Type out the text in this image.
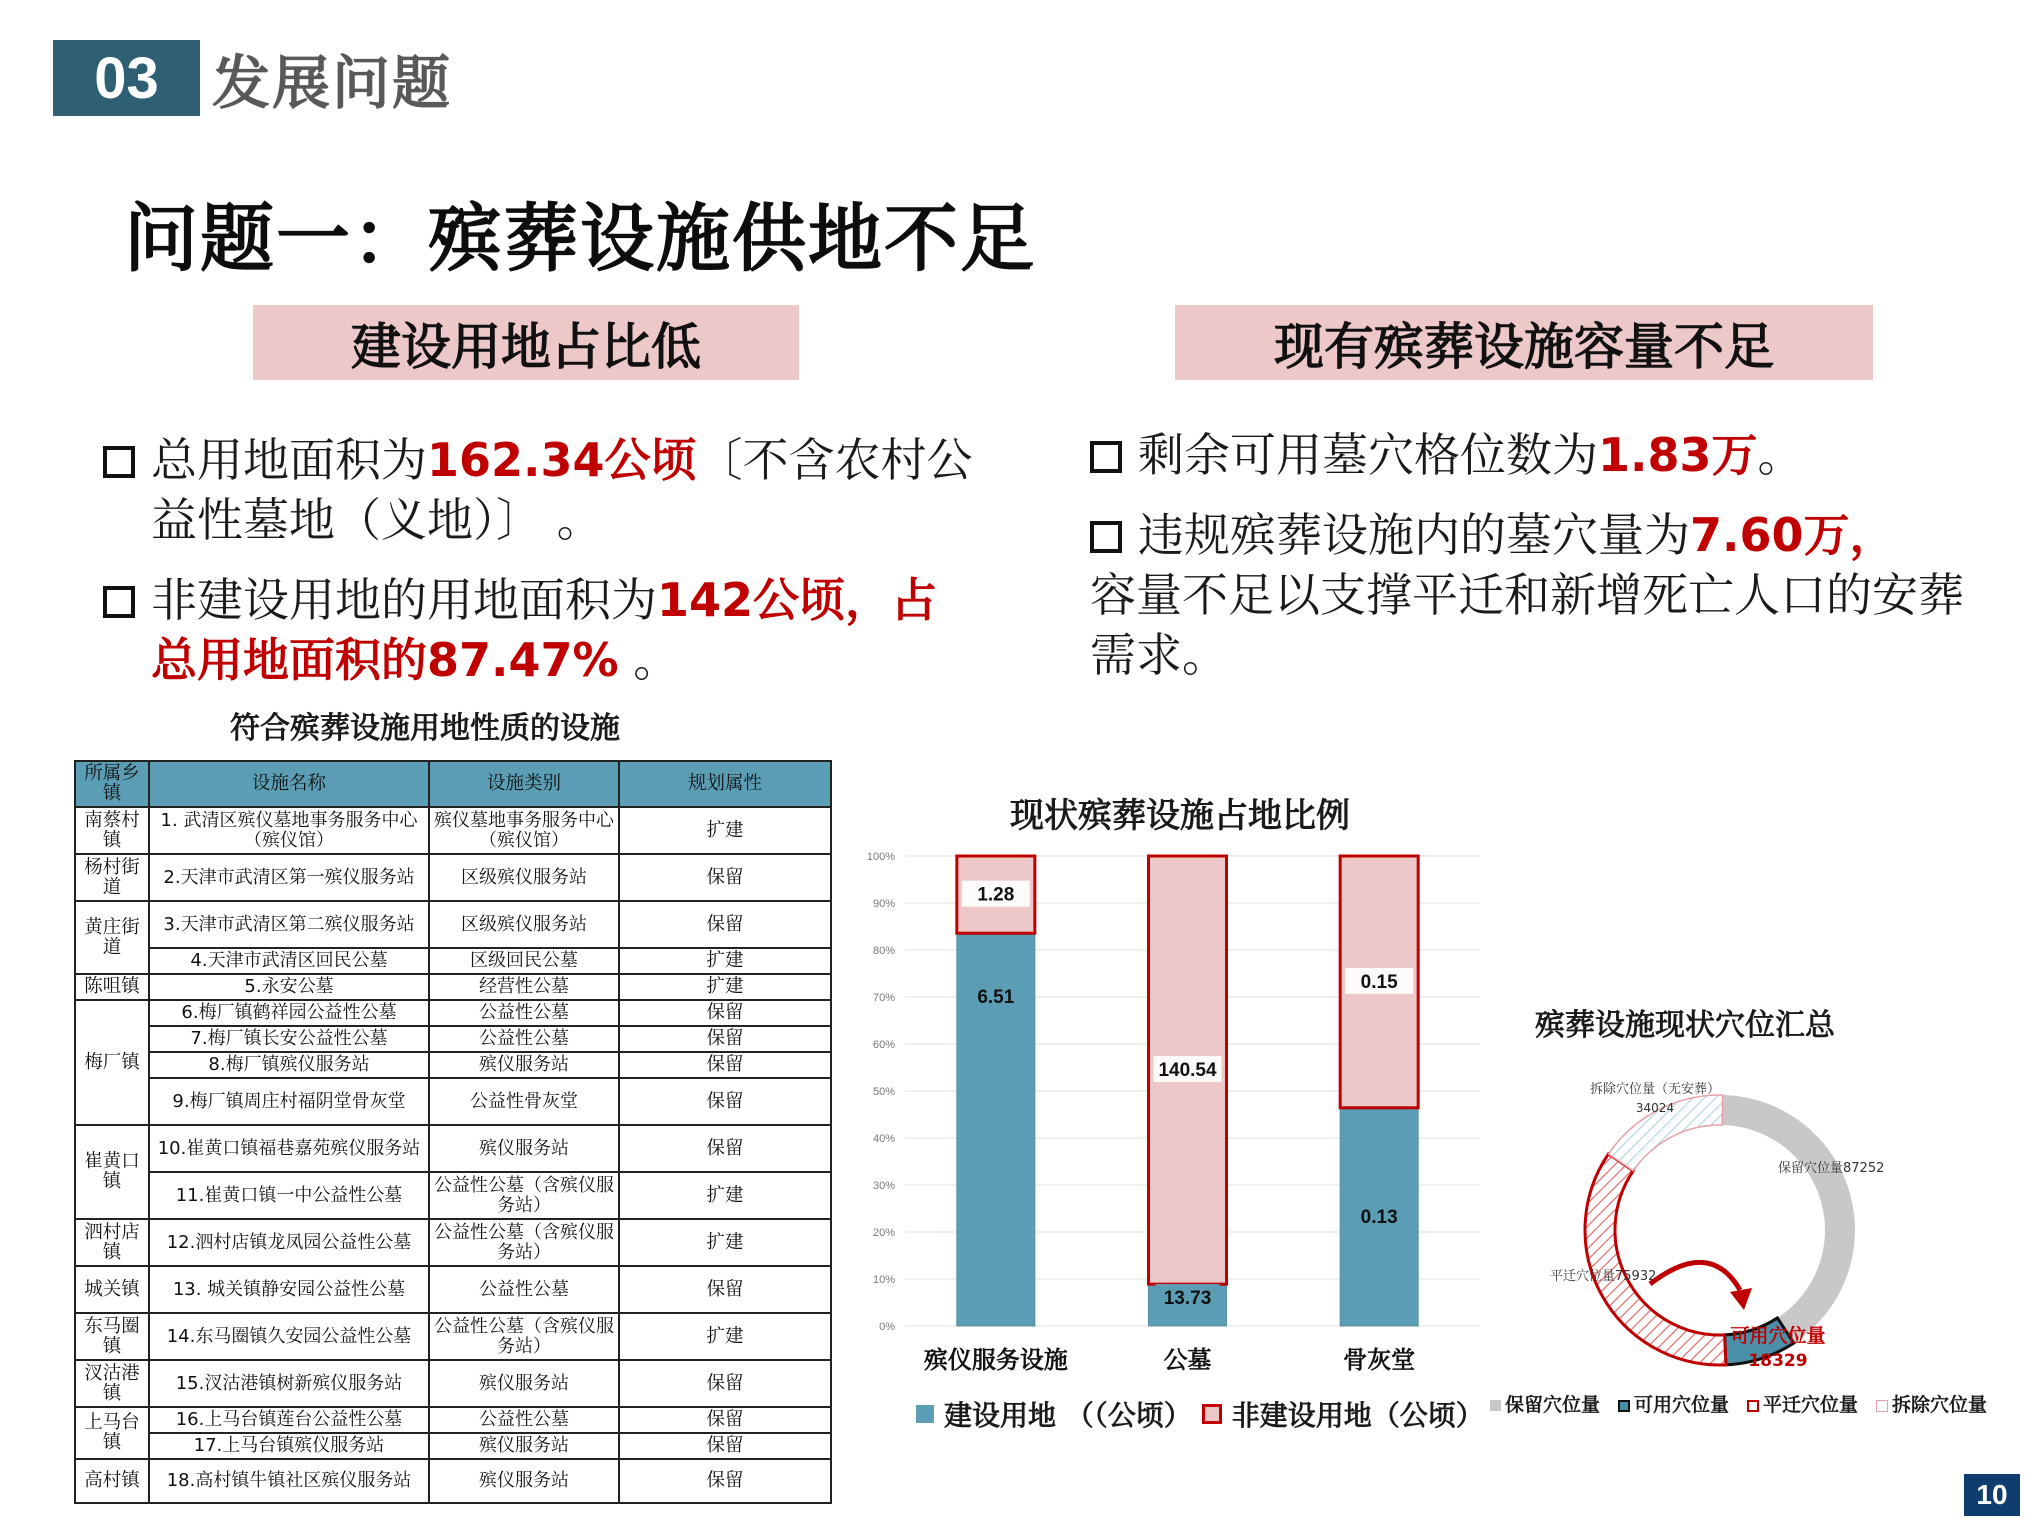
03 发展问题
问题一：殡葬设施供地不足
建设用地占比低	现有殡葬设施容量不足
总用地面积为162.34公顷〔不含农村公益性墓地（义地）〕 。
非建设用地的用地面积为142公顷，占总用地面积的87.47% 。
剩余可用墓穴格位数为1.83万。
违规殡葬设施内的墓穴量为7.60万，
容量不足以支撑平迁和新增死亡人口的安葬需求。
符合殡葬设施用地性质的设施
所属乡镇	设施名称	设施类别	规划属性
南蔡村镇	1. 武清区殡仪墓地事务服务中心（殡仪馆）	殡仪墓地事务服务中心（殡仪馆）	扩建
杨村街道	2.天津市武清区第一殡仪服务站	区级殡仪服务站	保留
黄庄街道	3.天津市武清区第二殡仪服务站	区级殡仪服务站	保留
	4.天津市武清区回民公墓	区级回民公墓	扩建
陈咀镇	5.永安公墓	经营性公墓	扩建
梅厂镇	6.梅厂镇鹤祥园公益性公墓	公益性公墓	保留
	7.梅厂镇长安公益性公墓	公益性公墓	保留
	8.梅厂镇殡仪服务站	殡仪服务站	保留
	9.梅厂镇周庄村福阴堂骨灰堂	公益性骨灰堂	保留
崔黄口镇	10.崔黄口镇福巷嘉苑殡仪服务站	殡仪服务站	保留
	11.崔黄口镇一中公益性公墓	公益性公墓（含殡仪服务站）	扩建
泗村店镇	12.泗村店镇龙凤园公益性公墓	公益性公墓（含殡仪服务站）	扩建
城关镇	13. 城关镇静安园公益性公墓	公益性公墓	保留
东马圈镇	14.东马圈镇久安园公益性公墓	公益性公墓（含殡仪服务站）	扩建
汊沽港镇	15.汊沽港镇树新殡仪服务站	殡仪服务站	保留
上马台镇	16.上马台镇莲台公益性公墓	公益性公墓	保留
	17.上马台镇殡仪服务站	殡仪服务站	保留
高村镇	18.高村镇牛镇社区殡仪服务站	殡仪服务站	保留
现状殡葬设施占地比例
0%
10%
20%
30%
40%
50%
60%
70%
80%
90%
100%
6.51
1.28
殡仪服务设施
13.73
140.54
公墓
0.13
0.15
骨灰堂
建设用地 （（公顷） 非建设用地（公顷）
殡葬设施现状穴位汇总
保留穴位量87252
拆除穴位量（无安葬）
34024
平迁穴位量75932
可用穴位量
18329
保留穴位量	可用穴位量	平迁穴位量	拆除穴位量
10
